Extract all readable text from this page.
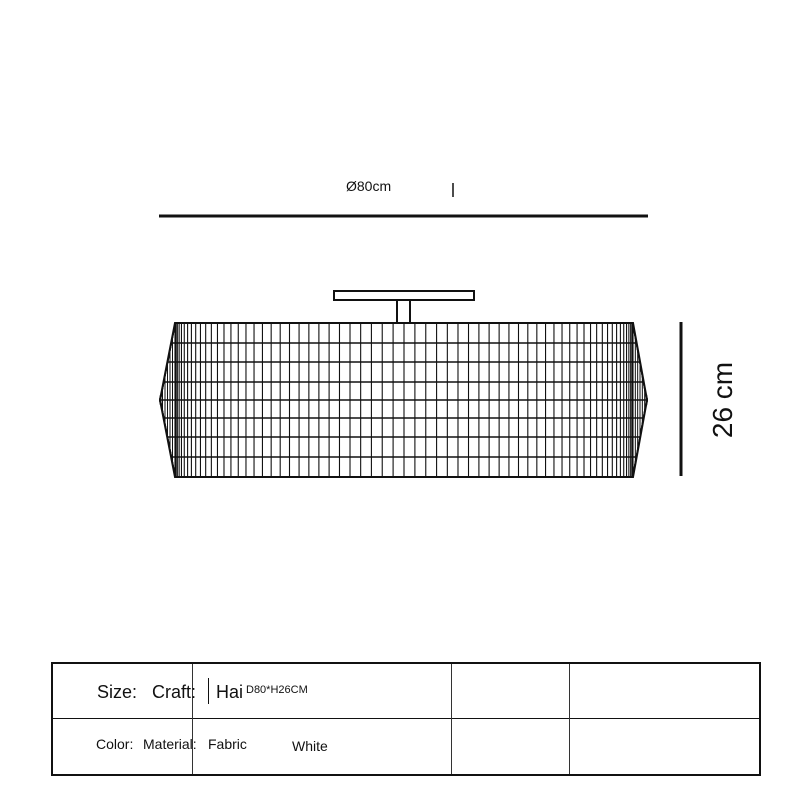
Ø80cm
26 cm
Size: Craft: Hai D80*H26CM
Color: Material: Fabric	White
